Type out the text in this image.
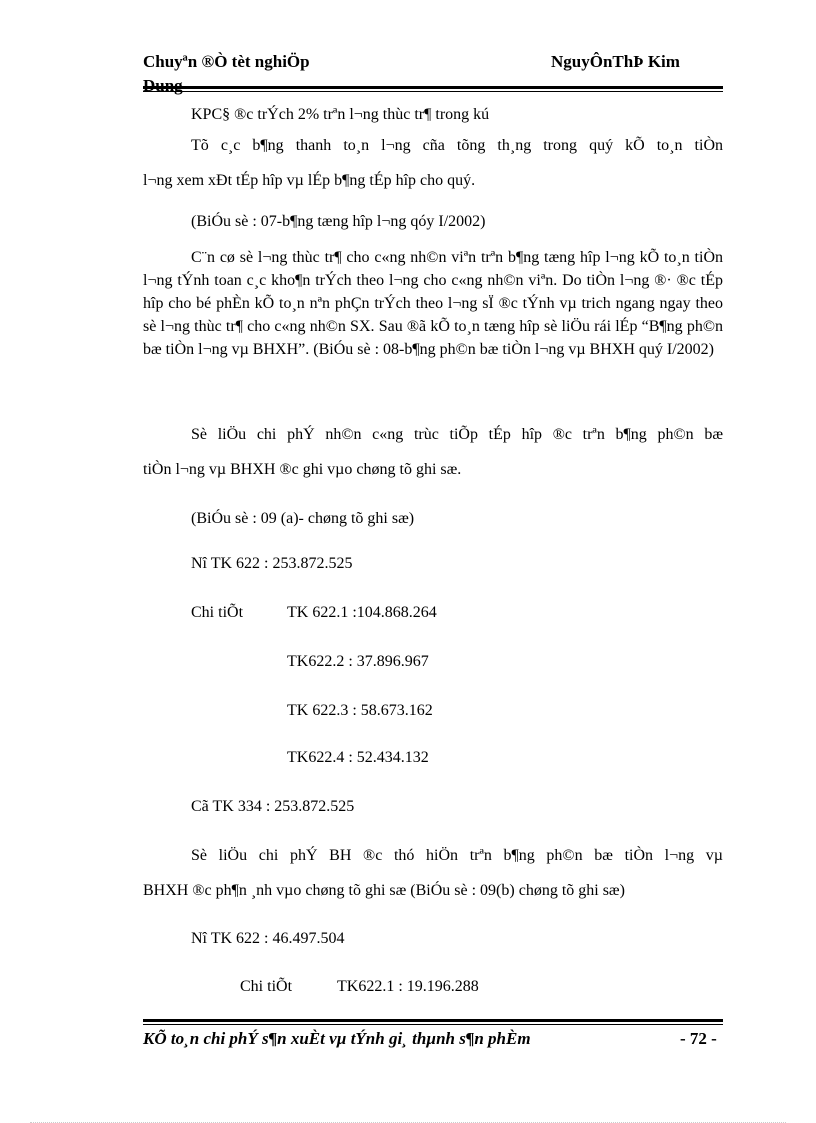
Chuyªn ®Ò tèt nghiÖp
Dung
NguyÔnThÞ Kim
KPC§ ®c trÝch 2% trªn l¬ng thùc tr¶ trong kú
Tõ c¸c b¶ng thanh to¸n l¬ng cña tõng th¸ng trong quý kÕ to¸n tiÒn
l¬ng xem xÐt tÉp hîp vµ lÉp b¶ng tÉp hîp cho quý.
(BiÓu sè : 07-b¶ng tæng hîp l¬ng qóy I/2002)
C¨n cø sè l¬ng thùc tr¶ cho c«ng nh©n viªn trªn b¶ng tæng hîp l¬ng kÕ to¸n tiÒn l¬ng tÝnh toan c¸c kho¶n trÝch theo l¬ng cho c«ng nh©n viªn. Do tiÒn l¬ng ®· ®c tÉp hîp cho bé phÈn kÕ to¸n nªn phÇn trÝch theo l¬ng sÏ ®c tÝnh vµ trich ngang ngay theo sè l¬ng thùc tr¶ cho c«ng nh©n SX. Sau ®ã kÕ to¸n tæng hîp sè liÖu rái lÉp “B¶ng ph©n bæ tiÒn l¬ng vµ BHXH”. (BiÓu sè : 08-b¶ng ph©n bæ tiÒn l¬ng vµ BHXH quý I/2002)
Sè liÖu chi phÝ nh©n c«ng trùc tiÕp tÉp hîp ®c trªn b¶ng ph©n bæ
tiÒn l¬ng vµ BHXH ®c ghi vµo chøng tõ ghi sæ.
(BiÓu sè : 09 (a)- chøng tõ ghi sæ)
Nî TK 622 : 253.872.525
Chi tiÕt	TK 622.1 :104.868.264
TK622.2 : 37.896.967
TK 622.3 : 58.673.162
TK622.4 : 52.434.132
Cã TK 334 : 253.872.525
Sè liÖu chi phÝ BH ®c thó hiÖn trªn b¶ng ph©n bæ tiÒn l¬ng vµ
BHXH ®c ph¶n ¸nh vµo chøng tõ ghi sæ (BiÓu sè : 09(b) chøng tõ ghi sæ)
Nî TK 622 : 46.497.504
Chi tiÕt	TK622.1 : 19.196.288
KÕ to¸n chi phÝ s¶n xuÈt vµ tÝnh gi¸ thµnh s¶n phÈm	- 72 -
